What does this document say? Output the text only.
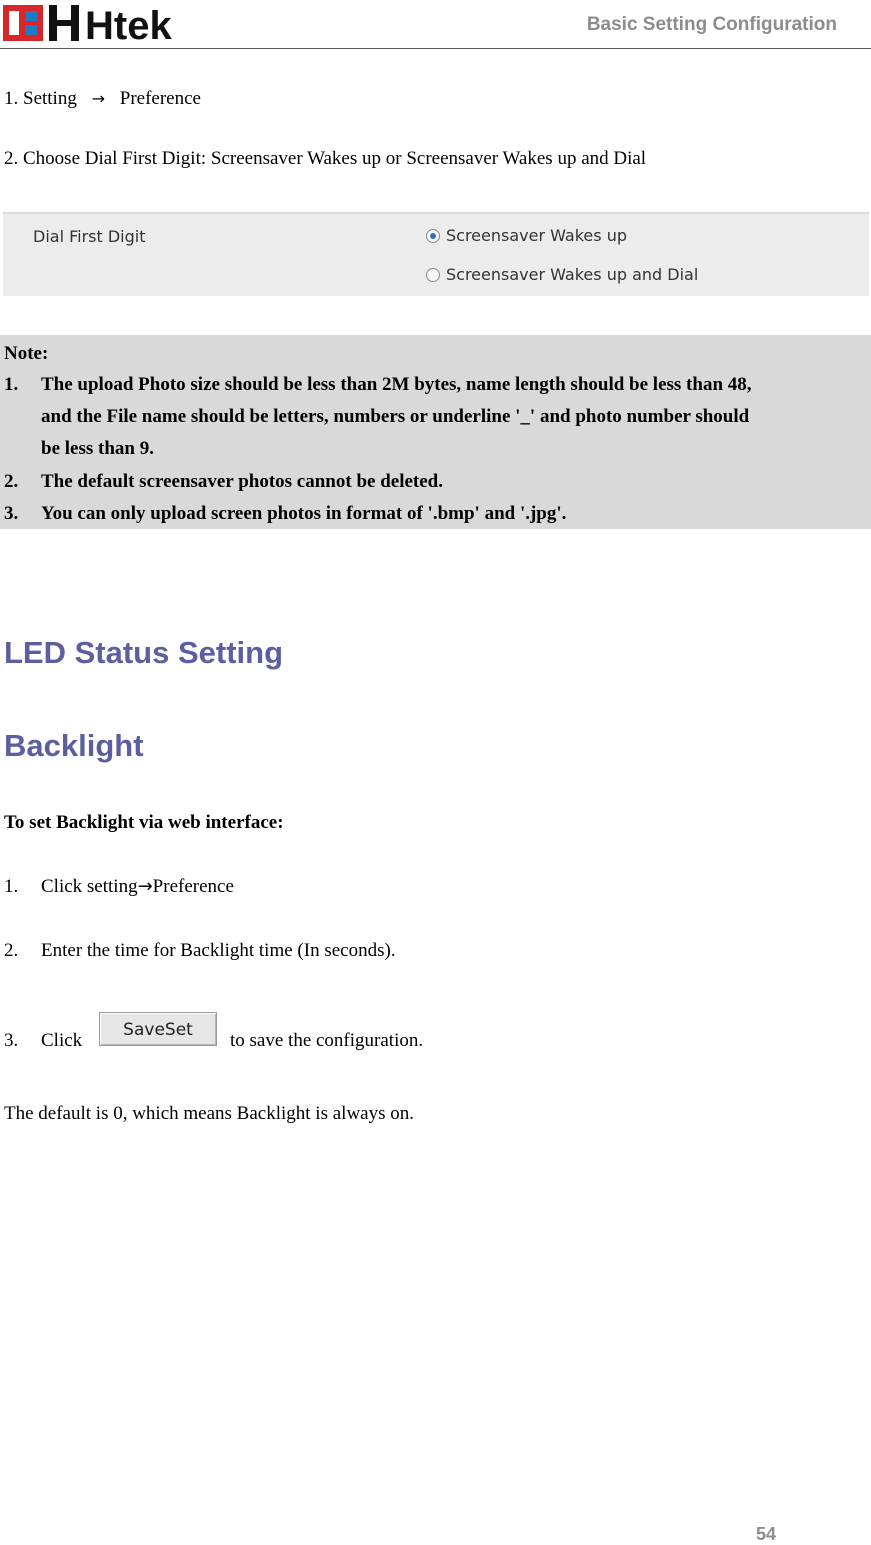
Htek	Basic Setting Configuration
1. Setting → Preference
2. Choose Dial First Digit: Screensaver Wakes up or Screensaver Wakes up and Dial
Dial First Digit	Screensaver Wakes up
Screensaver Wakes up and Dial
Note:
1. The upload Photo size should be less than 2M bytes, name length should be less than 48,
and the File name should be letters, numbers or underline '_' and photo number should
be less than 9.
2. The default screensaver photos cannot be deleted.
3. You can only upload screen photos in format of '.bmp' and '.jpg'.
LED Status Setting
Backlight
To set Backlight via web interface:
1. Click setting→Preference
2. Enter the time for Backlight time (In seconds).
3. Click	SaveSet	to save the configuration.
The default is 0, which means Backlight is always on.
54
